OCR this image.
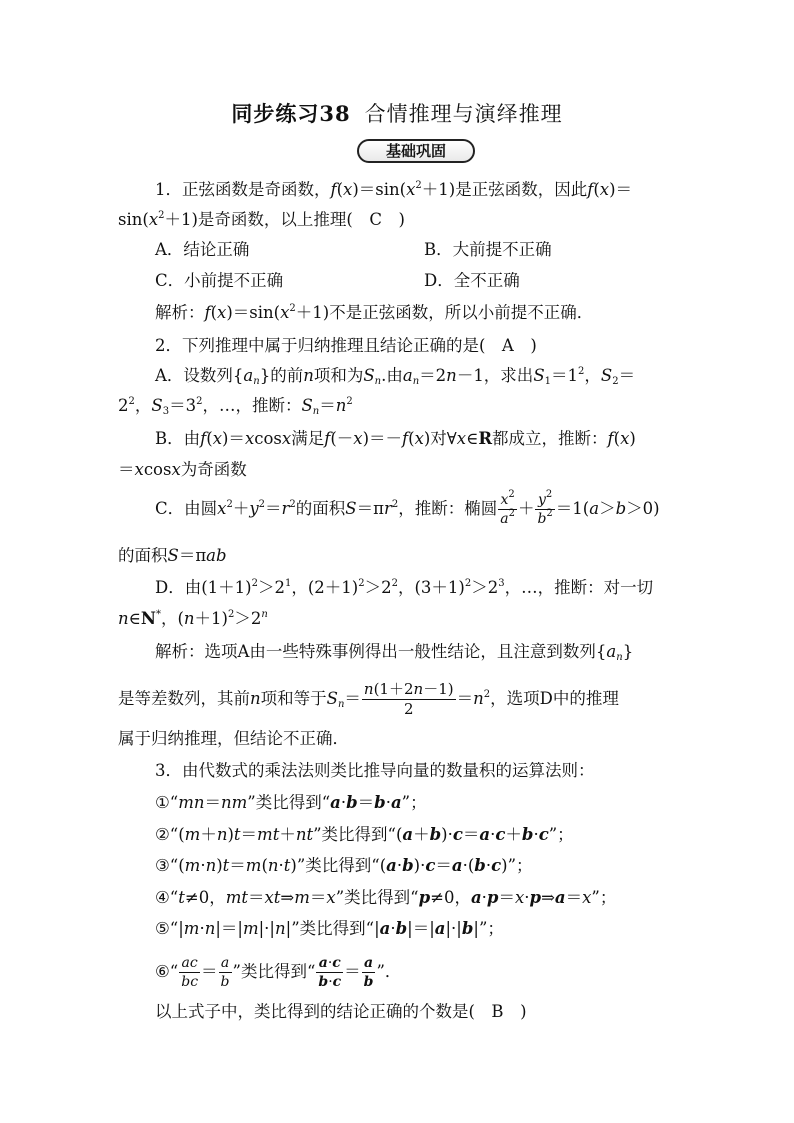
同步练习38 合情推理与演绎推理
基础巩固
1．正弦函数是奇函数，$f(x)=\sin(x^2+1)$是正弦函数，因此f(x)＝
$\sin(x^2+1)$是奇函数，以上推理(　C　)
A．结论正确	B．大前提不正确
C．小前提不正确	D．全不正确
解析：$f(x)=\sin(x^2+1)$不是正弦函数，所以小前提不正确．
2．下列推理中属于归纳推理且结论正确的是(　A　)
A．设数列$\{a_n\}$的前n项和为$S_n$.由$a_n=2n-1$，求出$S_1=1^2$，$S_2=$
$2^2$，$S_3=3^2$，…，推断：$S_n=n^2$
B．由f(x)＝xcosx满足f(－x)＝－f(x)对∀x∈R都成立，推断：f(x)
＝xcosx为奇函数
C．由圆$x^2+y^2=r^2$的面积$S=\pi r^2$，推断：椭圆 $\frac{x^2}{a^2} + \frac{y^2}{b^2} =1(a>b>0)$
的面积S＝πab
D．由$(1+1)^2>2^1$，$(2+1)^2>2^2$，$(3+1)^2>2^3$，…，推断：对一切
n∈N*，$(n+1)^2>2^n$
解析：选项A由一些特殊事例得出一般性结论，且注意到数列$\{a_n\}$
是等差数列，其前n项和等于$S_n= \frac{n(1+2n-1)}{2} =n^2$，选项D中的推理
属于归纳推理，但结论不正确．
3．由代数式的乘法法则类比推导向量的数量积的运算法则：
①“mn＝nm”类比得到“a·b＝b·a”；
②“(m＋n)t＝mt＋nt”类比得到“(a＋b)·c＝a·c＋b·c”；
③“(m·n)t＝m(n·t)”类比得到“(a·b)·c＝a·(b·c)”；
④“t≠0，mt＝xt⇒m＝x”类比得到“p≠0，a·p＝x·p⇒a＝x”；
⑤“|m·n|＝|m|·|n|”类比得到“|a·b|＝|a|·|b|”；
⑥“ $\frac{ac}{bc} = \frac{a}{b}$ ”类比得到“ $\frac{a\cdot c}{b\cdot c} = \frac{a}{b}$ ”．
以上式子中，类比得到的结论正确的个数是(　B　)
